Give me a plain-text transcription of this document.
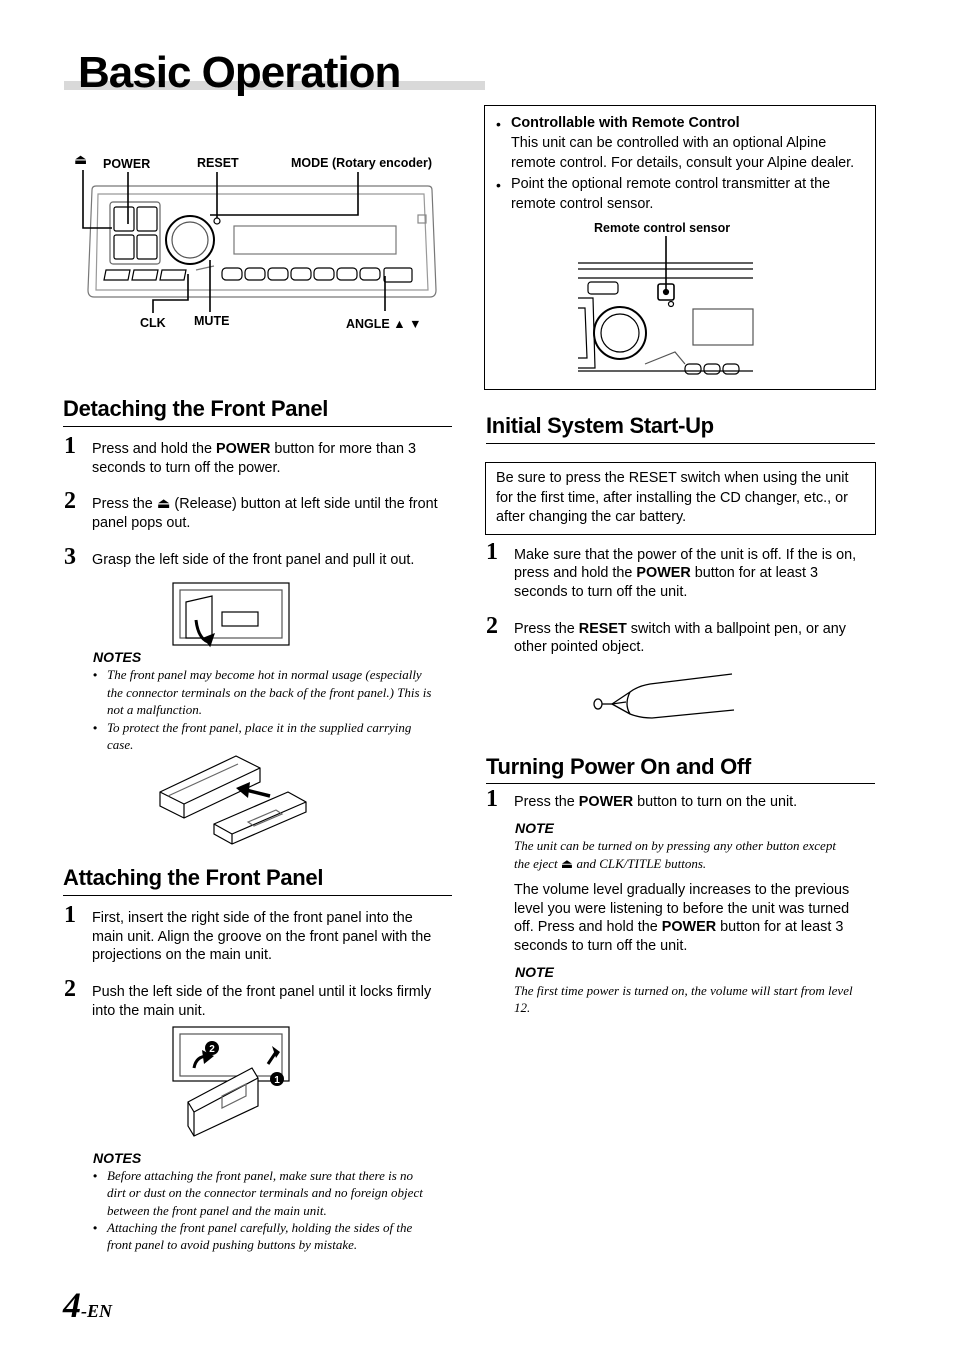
Basic Operation
⏏ POWER	RESET	MODE (Rotary encoder)
CLK MUTE	ANGLE ▲ ▼
• Controllable with Remote Control
This unit can be controlled with an optional Alpine
remote control. For details, consult your Alpine dealer.
• Point the optional remote control transmitter at the
remote control sensor.
Remote control sensor
Detaching the Front Panel
1 Press and hold the POWER button for more than 3
seconds to turn off the power.
2 Press the ⏏ (Release) button at left side until the front
panel pops out.
3 Grasp the left side of the front panel and pull it out.
NOTES
• The front panel may become hot in normal usage (especially
the connector terminals on the back of the front panel.) This is
not a malfunction.
• To protect the front panel, place it in the supplied carrying
case.
Attaching the Front Panel
1 First, insert the right side of the front panel into the
main unit. Align the groove on the front panel with the
projections on the main unit.
2 Push the left side of the front panel until it locks firmly
into the main unit.
2
1
NOTES
• Before attaching the front panel, make sure that there is no
dirt or dust on the connector terminals and no foreign object
between the front panel and the main unit.
• Attaching the front panel carefully, holding the sides of the
front panel to avoid pushing buttons by mistake.
Initial System Start-Up
Be sure to press the RESET switch when using the unit
for the first time, after installing the CD changer, etc., or
after changing the car battery.
1 Make sure that the power of the unit is off. If the is on,
press and hold the POWER button for at least 3
seconds to turn off the unit.
2 Press the RESET switch with a ballpoint pen, or any
other pointed object.
Turning Power On and Off
1 Press the POWER button to turn on the unit.
NOTE
The unit can be turned on by pressing any other button except
the eject ⏏ and CLK/TITLE buttons.
The volume level gradually increases to the previous
level you were listening to before the unit was turned
off. Press and hold the POWER button for at least 3
seconds to turn off the unit.
NOTE
The first time power is turned on, the volume will start from level
12.
4-EN
